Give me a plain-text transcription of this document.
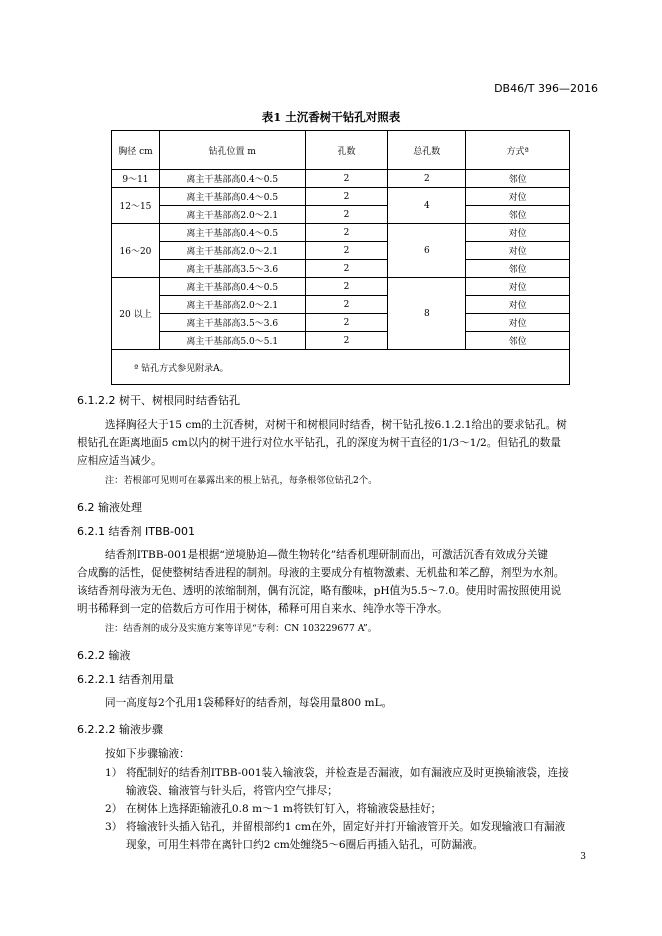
DB46/T 396—2016
表1 土沉香树干钻孔对照表
胸径 cm	钻孔位置 m	孔数	总孔数	方式ª
9～11	离主干基部高0.4～0.5	2	2	邻位
12～15	离主干基部高0.4～0.5	2	4	对位
	离主干基部高2.0～2.1	2		邻位
16～20	离主干基部高0.4～0.5	2	6	对位
	离主干基部高2.0～2.1	2		对位
	离主干基部高3.5～3.6	2		邻位
20 以上	离主干基部高0.4～0.5	2	8	对位
	离主干基部高2.0～2.1	2		对位
	离主干基部高3.5～3.6	2		对位
	离主干基部高5.0～5.1	2		邻位
ª 钻孔方式参见附录A。				
6.1.2.2 树干、树根同时结香钻孔
选择胸径大于15 cm的土沉香树，对树干和树根同时结香，树干钻孔按6.1.2.1给出的要求钻孔。树
根钻孔在距离地面5 cm以内的树干进行对位水平钻孔，孔的深度为树干直径的1/3～1/2。但钻孔的数量
应相应适当减少。
注：若根部可见则可在暴露出来的根上钻孔，每条根邻位钻孔2个。
6.2 输液处理
6.2.1 结香剂 ITBB-001
结香剂ITBB-001是根据“逆境胁迫—微生物转化”结香机理研制而出，可激活沉香有效成分关键
合成酶的活性，促使整树结香进程的制剂。母液的主要成分有植物激素、无机盐和苯乙醇，剂型为水剂。
该结香剂母液为无色、透明的浓缩制剂，偶有沉淀，略有酸味，pH值为5.5～7.0。使用时需按照使用说
明书稀释到一定的倍数后方可作用于树体，稀释可用自来水、纯净水等干净水。
注：结香剂的成分及实施方案等详见“专利：CN 103229677 A”。
6.2.2 输液
6.2.2.1 结香剂用量
同一高度每2个孔用1袋稀释好的结香剂，每袋用量800 mL。
6.2.2.2 输液步骤
按如下步骤输液：
1） 将配制好的结香剂ITBB-001装入输液袋，并检查是否漏液，如有漏液应及时更换输液袋，连接
输液袋、输液管与针头后，将管内空气排尽；
2） 在树体上选择距输液孔0.8 m～1 m将铁钉钉入，将输液袋悬挂好；
3） 将输液针头插入钻孔，并留根部约1 cm在外，固定好并打开输液管开关。如发现输液口有漏液
现象，可用生料带在离针口约2 cm处缠绕5～6圈后再插入钻孔，可防漏液。
3
